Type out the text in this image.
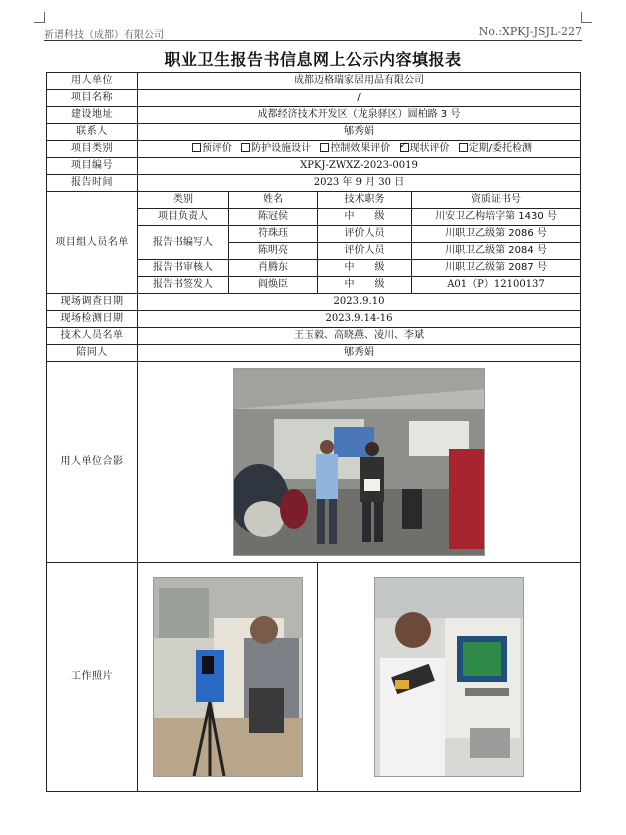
祈谱科技（成都）有限公司	No.:XPKJ-JSJL-227
职业卫生报告书信息网上公示内容填报表
用人单位	成都迈格瑞家居用品有限公司			
项目名称	/			
建设地址	成都经济技术开发区（龙泉驿区）圆柏路 3 号			
联系人	郇秀娟			
项目类别	预评价 防护设施设计 控制效果评价 ✓ 现状评价 定期/委托检测
项目编号	XPKJ-ZWXZ-2023-0019			
报告时间	2023 年 9 月 30 日			
项目组人员名单	类别	姓名	技术职务	资质证书号
	项目负责人	陈冠侯	中　　级	川安卫乙构培字第 1430 号
	报告书编写人	符珠珏	评价人员	川职卫乙级第 2086 号
		陈明亮	评价人员	川职卫乙级第 2084 号
	报告书审核人	肖腾东	中　　级	川职卫乙级第 2087 号
	报告书签发人	阎焕臣	中　　级	A01（P）12100137
现场调查日期	2023.9.10			
现场检测日期	2023.9.14-16			
技术人员名单	王玉毅、高晓燕、凌川、李斌			
陪同人	郇秀娟			
用人单位合影	

工作照片	
